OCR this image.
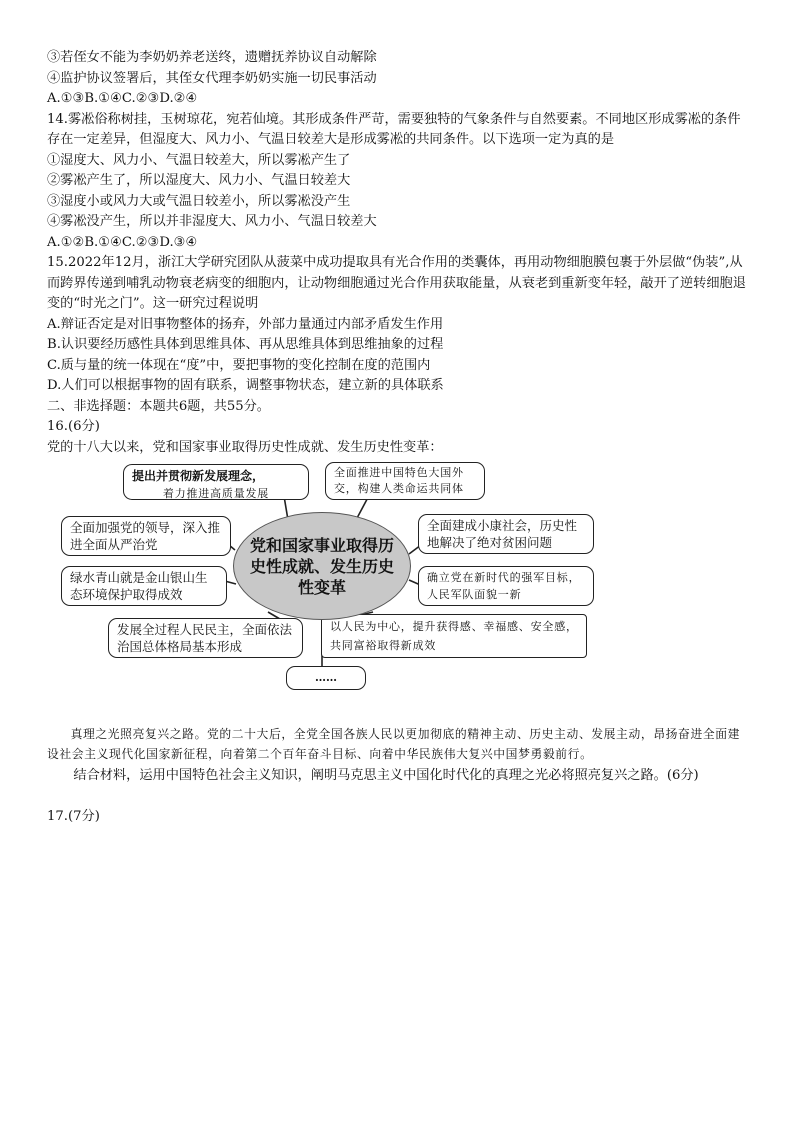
③若侄女不能为李奶奶养老送终，遗赠抚养协议自动解除
④监护协议签署后，其侄女代理李奶奶实施一切民事活动
A.①③B.①④C.②③D.②④
14.雾凇俗称树挂，玉树琼花，宛若仙境。其形成条件严苛，需要独特的气象条件与自然要素。不同地区形成雾凇的条件存在一定差异，但湿度大、风力小、气温日较差大是形成雾凇的共同条件。以下选项一定为真的是
①湿度大、风力小、气温日较差大，所以雾凇产生了
②雾凇产生了，所以湿度大、风力小、气温日较差大
③湿度小或风力大或气温日较差小，所以雾凇没产生
④雾凇没产生，所以并非湿度大、风力小、气温日较差大
A.①②B.①④C.②③D.③④
15.2022年12月，浙江大学研究团队从菠菜中成功提取具有光合作用的类囊体，再用动物细胞膜包裹于外层做“伪装”,从而跨界传递到哺乳动物衰老病变的细胞内，让动物细胞通过光合作用获取能量，从衰老到重新变年轻，敲开了逆转细胞退变的“时光之门”。这一研究过程说明
A.辩证否定是对旧事物整体的扬弃，外部力量通过内部矛盾发生作用
B.认识要经历感性具体到思维具体、再从思维具体到思维抽象的过程
C.质与量的统一体现在“度”中，要把事物的变化控制在度的范围内
D.人们可以根据事物的固有联系，调整事物状态，建立新的具体联系
二、非选择题：本题共6题，共55分。
16.(6分)
党的十八大以来，党和国家事业取得历史性成就、发生历史性变革：
提出并贯彻新发展理念，
着力推进高质量发展
全面推进中国特色大国外交，构建人类命运共同体
全面加强党的领导，深入推进全面从严治党
绿水青山就是金山银山生态环境保护取得成效
全面建成小康社会，历史性地解决了绝对贫困问题
确立党在新时代的强军目标，人民军队面貌一新
发展全过程人民民主，全面依法治国总体格局基本形成
以人民为中心，提升获得感、幸福感、安全感，共同富裕取得新成效
……
党和国家事业取得历史性成就、发生历史性变革
真理之光照亮复兴之路。党的二十大后，全党全国各族人民以更加彻底的精神主动、历史主动、发展主动，昂扬奋进全面建设社会主义现代化国家新征程，向着第二个百年奋斗目标、向着中华民族伟大复兴中国梦勇毅前行。
结合材料，运用中国特色社会主义知识，阐明马克思主义中国化时代化的真理之光必将照亮复兴之路。(6分)
17.(7分)
